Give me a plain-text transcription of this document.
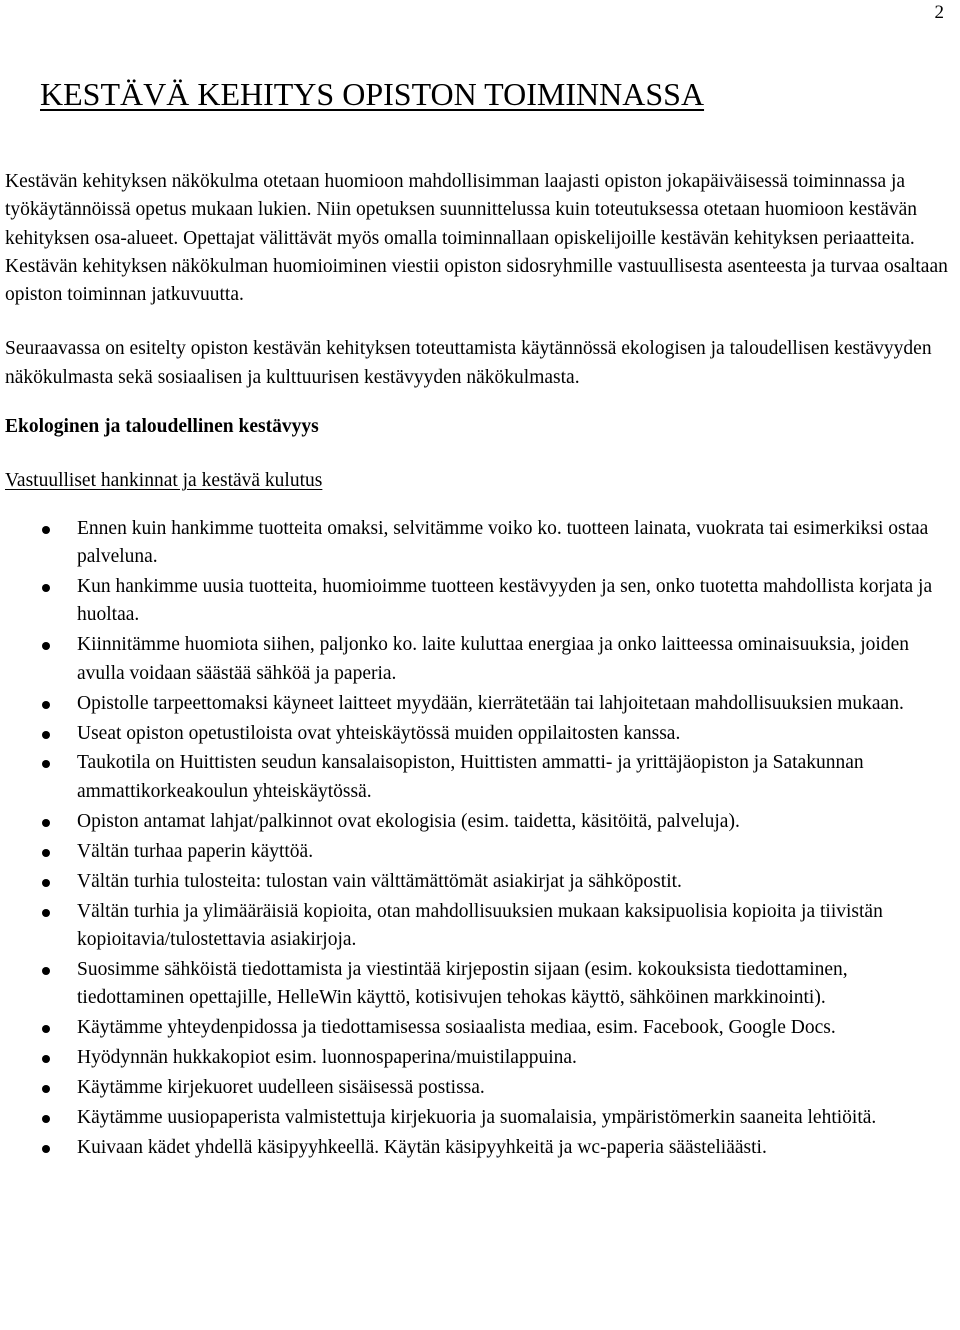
2
KESTÄVÄ KEHITYS OPISTON TOIMINNASSA

Kestävän kehityksen näkökulma otetaan huomioon mahdollisimman laajasti opiston jokapäiväisessä toiminnassa ja työkäytännöissä opetus mukaan lukien. Niin opetuksen suunnittelussa kuin toteutuksessa otetaan huomioon kestävän kehityksen osa-alueet. Opettajat välittävät myös omalla toiminnallaan opiskelijoille kestävän kehityksen periaatteita. Kestävän kehityksen näkökulman huomioiminen viestii opiston sidosryhmille vastuullisesta asenteesta ja turvaa osaltaan opiston toiminnan jatkuvuutta.

Seuraavassa on esitelty opiston kestävän kehityksen toteuttamista käytännössä ekologisen ja taloudellisen kestävyyden näkökulmasta sekä sosiaalisen ja kulttuurisen kestävyyden näkökulmasta.

Ekologinen ja taloudellinen kestävyys

Vastuulliset hankinnat ja kestävä kulutus

Ennen kuin hankimme tuotteita omaksi, selvitämme voiko ko. tuotteen lainata, vuokrata tai esimerkiksi ostaa palveluna.
Kun hankimme uusia tuotteita, huomioimme tuotteen kestävyyden ja sen, onko tuotetta mahdollista korjata ja huoltaa.
Kiinnitämme huomiota siihen, paljonko ko. laite kuluttaa energiaa ja onko laitteessa ominaisuuksia, joiden avulla voidaan säästää sähköä ja paperia.
Opistolle tarpeettomaksi käyneet laitteet myydään, kierrätetään tai lahjoitetaan mahdollisuuksien mukaan.
Useat opiston opetustiloista ovat yhteiskäytössä muiden oppilaitosten kanssa.
Taukotila on Huittisten seudun kansalaisopiston, Huittisten ammatti- ja yrittäjäopiston ja Satakunnan ammattikorkeakoulun yhteiskäytössä.
Opiston antamat lahjat/palkinnot ovat ekologisia (esim. taidetta, käsitöitä, palveluja).
Vältän turhaa paperin käyttöä.
Vältän turhia tulosteita: tulostan vain välttämättömät asiakirjat ja sähköpostit.
Vältän turhia ja ylimääräisiä kopioita, otan mahdollisuuksien mukaan kaksipuolisia kopioita ja tiivistän kopioitavia/tulostettavia asiakirjoja.
Suosimme sähköistä tiedottamista ja viestintää kirjepostin sijaan (esim. kokouksista tiedottaminen, tiedottaminen opettajille, HelleWin käyttö, kotisivujen tehokas käyttö, sähköinen markkinointi).
Käytämme yhteydenpidossa ja tiedottamisessa sosiaalista mediaa, esim. Facebook, Google Docs.
Hyödynnän hukkakopiot esim. luonnospaperina/muistilappuina.
Käytämme kirjekuoret uudelleen sisäisessä postissa.
Käytämme uusiopaperista valmistettuja kirjekuoria ja suomalaisia, ympäristömerkin saaneita lehtiöitä.
Kuivaan kädet yhdellä käsipyyhkeellä. Käytän käsipyyhkeitä ja wc-paperia säästeliäästi.
